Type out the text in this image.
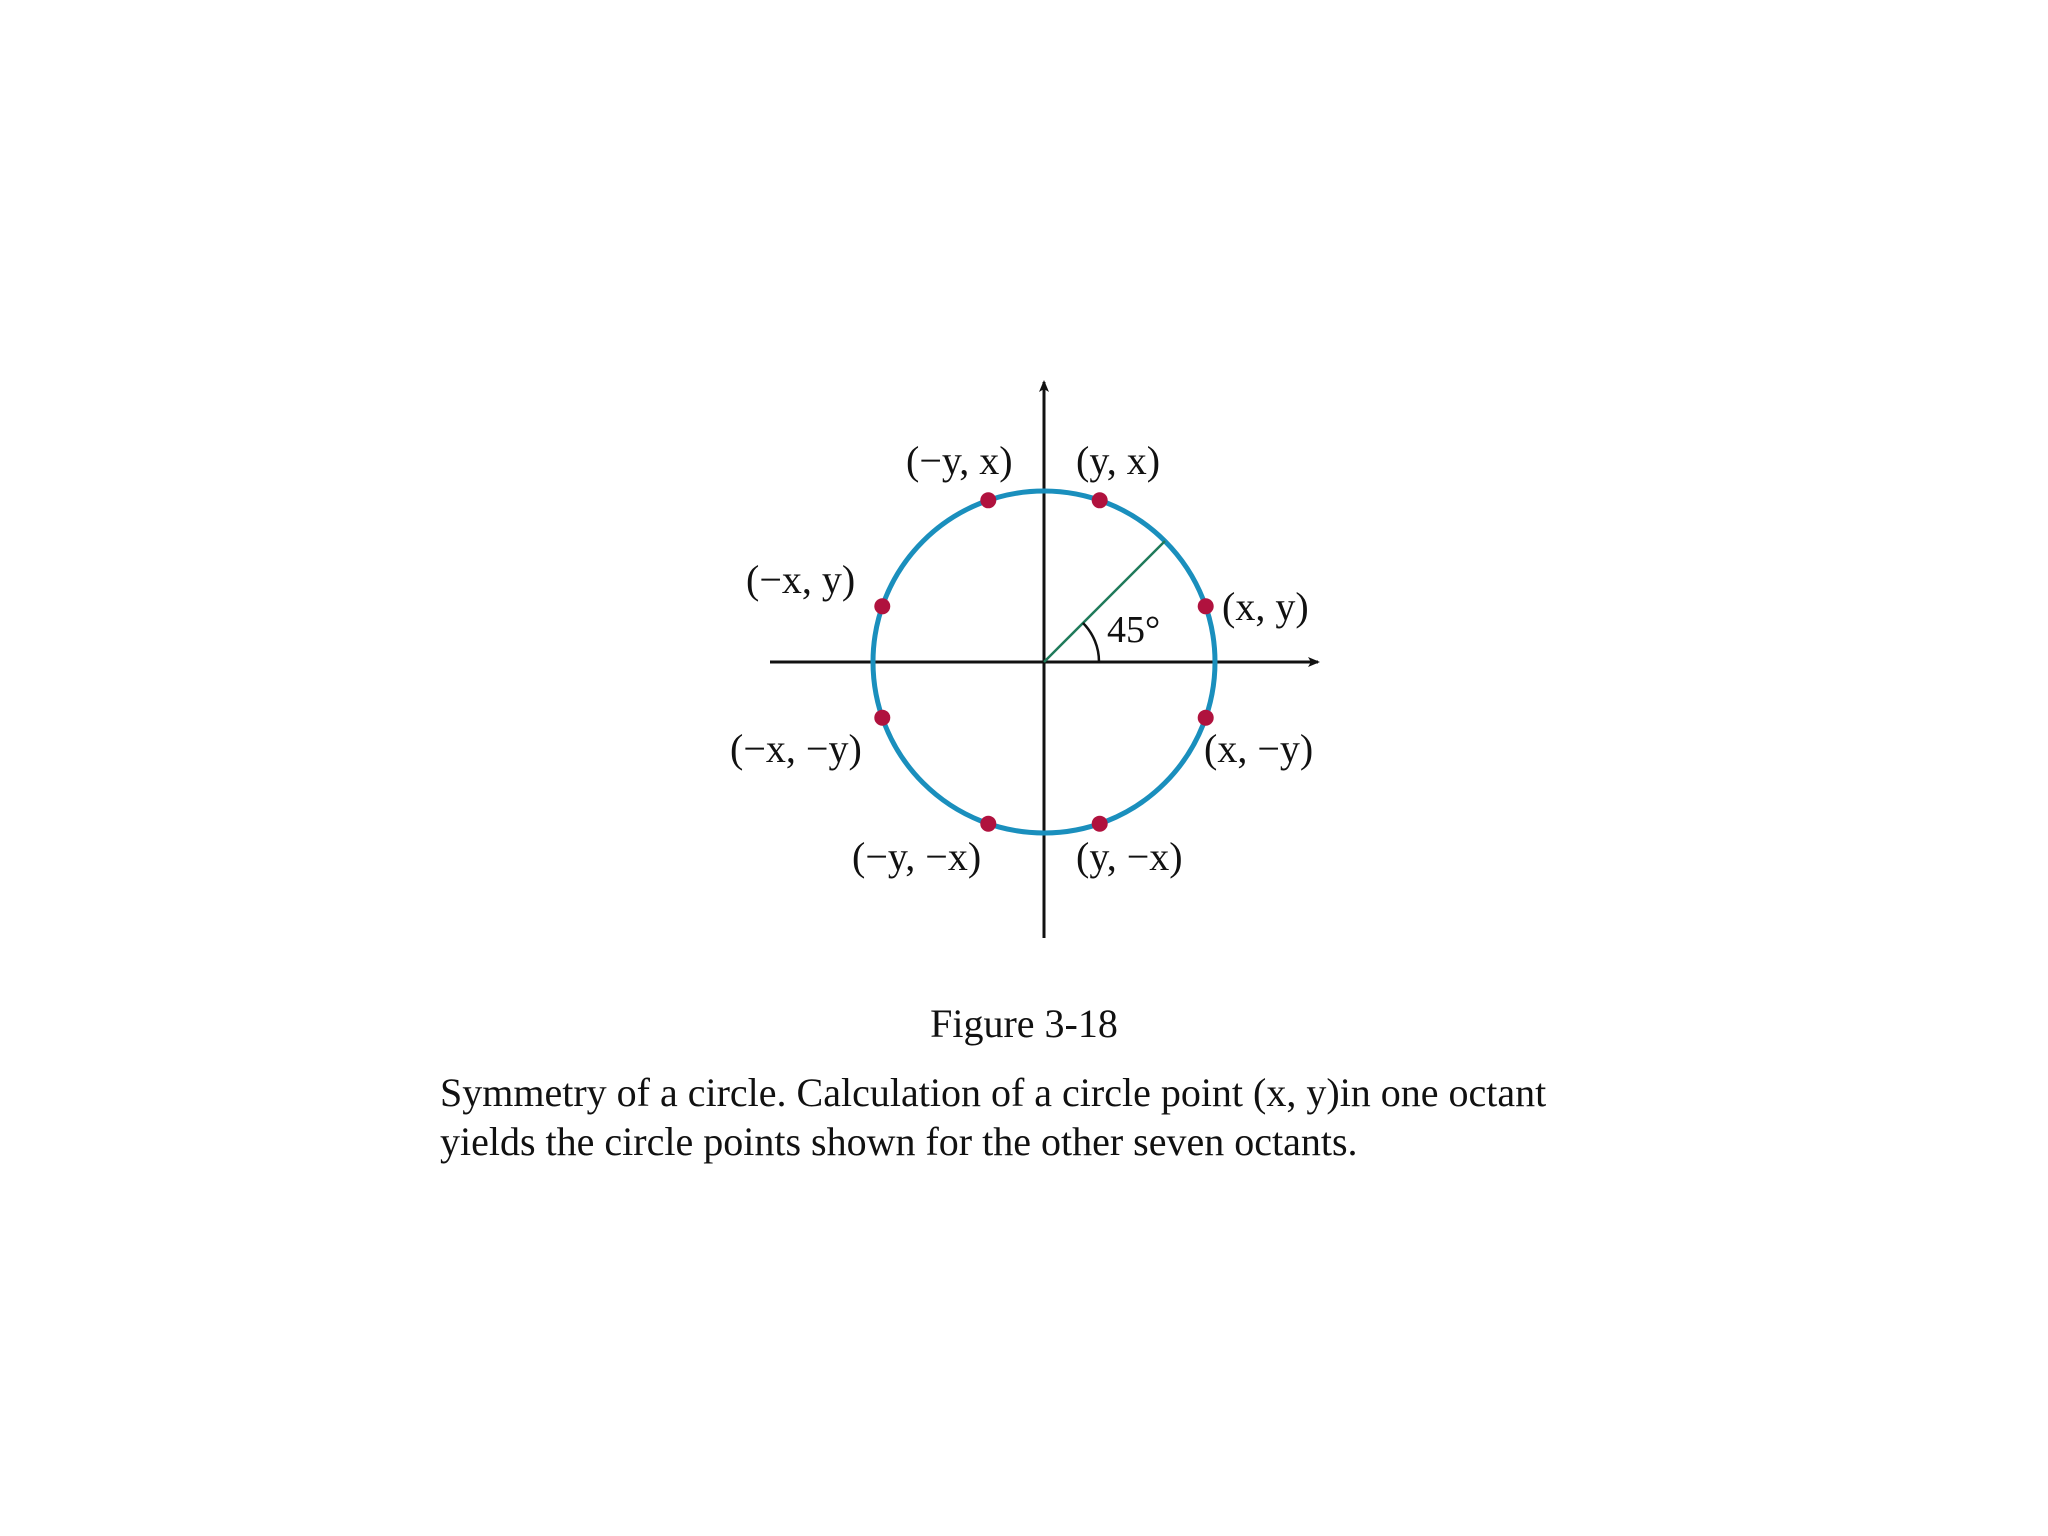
45°
(x, y)
(y, x)
(−y, x)
(−x, y)
(−x, −y)
(−y, −x) (y, −x)
(x, −y)
Figure 3-18
Symmetry of a circle. Calculation of a circle point (x, y)in one octant
yields the circle points shown for the other seven octants.
